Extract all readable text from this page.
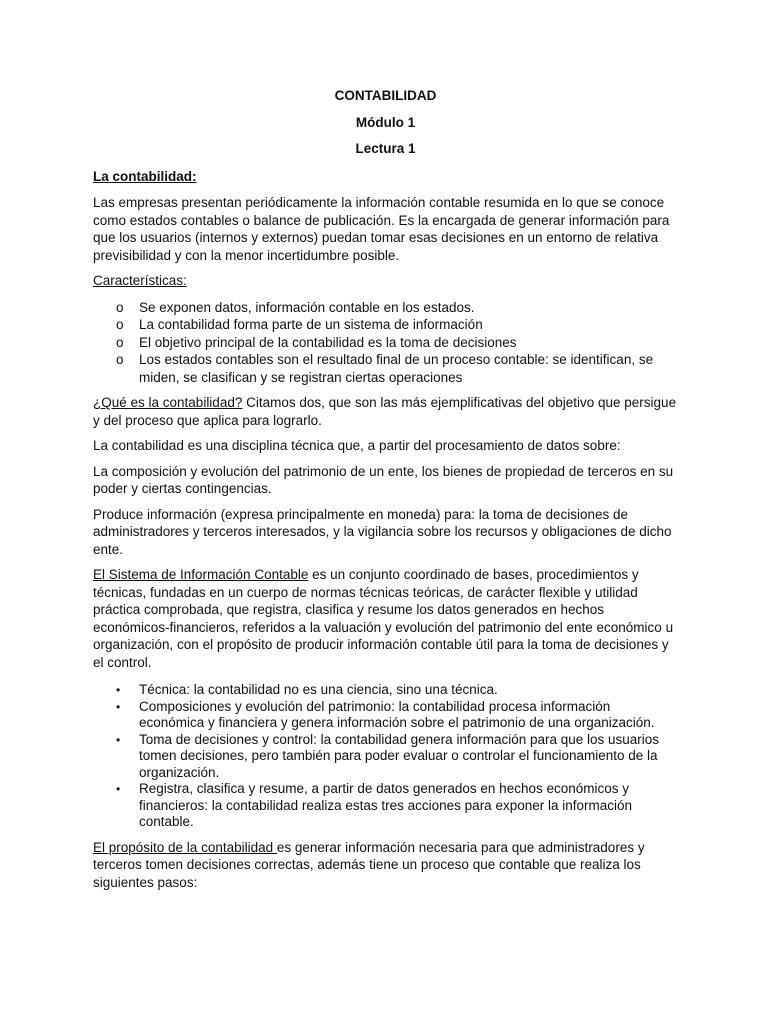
CONTABILIDAD
Módulo 1
Lectura 1
La contabilidad:

Las empresas presentan periódicamente la información contable resumida en lo que se conoce como estados contables o balance de publicación. Es la encargada de generar información para que los usuarios (internos y externos) puedan tomar esas decisiones en un entorno de relativa previsibilidad y con la menor incertidumbre posible.

Características:

o Se exponen datos, información contable en los estados.
o La contabilidad forma parte de un sistema de información
o El objetivo principal de la contabilidad es la toma de decisiones
o Los estados contables son el resultado final de un proceso contable: se identifican, se miden, se clasifican y se registran ciertas operaciones

¿Qué es la contabilidad? Citamos dos, que son las más ejemplificativas del objetivo que persigue y del proceso que aplica para lograrlo.

La contabilidad es una disciplina técnica que, a partir del procesamiento de datos sobre:

La composición y evolución del patrimonio de un ente, los bienes de propiedad de terceros en su poder y ciertas contingencias.

Produce información (expresa principalmente en moneda) para: la toma de decisiones de administradores y terceros interesados, y la vigilancia sobre los recursos y obligaciones de dicho ente.

El Sistema de Información Contable es un conjunto coordinado de bases, procedimientos y técnicas, fundadas en un cuerpo de normas técnicas teóricas, de carácter flexible y utilidad práctica comprobada, que registra, clasifica y resume los datos generados en hechos económicos-financieros, referidos a la valuación y evolución del patrimonio del ente económico u organización, con el propósito de producir información contable útil para la toma de decisiones y el control.

• Técnica: la contabilidad no es una ciencia, sino una técnica.
• Composiciones y evolución del patrimonio: la contabilidad procesa información económica y financiera y genera información sobre el patrimonio de una organización.
• Toma de decisiones y control: la contabilidad genera información para que los usuarios tomen decisiones, pero también para poder evaluar o controlar el funcionamiento de la organización.
• Registra, clasifica y resume, a partir de datos generados en hechos económicos y financieros: la contabilidad realiza estas tres acciones para exponer la información contable.

El propósito de la contabilidad es generar información necesaria para que administradores y terceros tomen decisiones correctas, además tiene un proceso que contable que realiza los siguientes pasos:
